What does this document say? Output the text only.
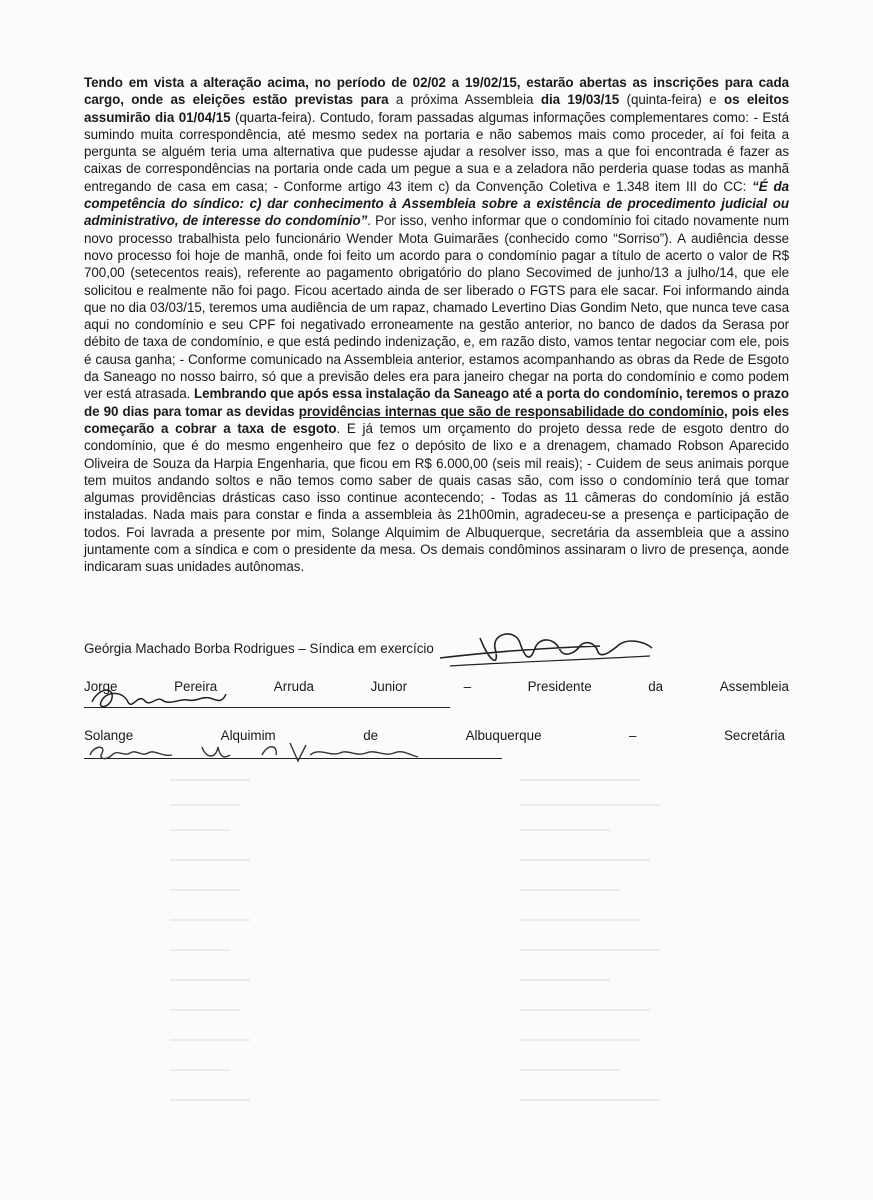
Tendo em vista a alteração acima, no período de 02/02 a 19/02/15, estarão abertas as inscrições para cada cargo, onde as eleições estão previstas para a próxima Assembleia dia 19/03/15 (quinta-feira) e os eleitos assumirão dia 01/04/15 (quarta-feira). Contudo, foram passadas algumas informações complementares como: - Está sumindo muita correspondência, até mesmo sedex na portaria e não sabemos mais como proceder, aí foi feita a pergunta se alguém teria uma alternativa que pudesse ajudar a resolver isso, mas a que foi encontrada é fazer as caixas de correspondências na portaria onde cada um pegue a sua e a zeladora não perderia quase todas as manhã entregando de casa em casa; - Conforme artigo 43 item c) da Convenção Coletiva e 1.348 item III do CC: “É da competência do síndico: c) dar conhecimento à Assembleia sobre a existência de procedimento judicial ou administrativo, de interesse do condomínio”. Por isso, venho informar que o condomínio foi citado novamente num novo processo trabalhista pelo funcionário Wender Mota Guimarães (conhecido como “Sorriso”). A audiência desse novo processo foi hoje de manhã, onde foi feito um acordo para o condomínio pagar a título de acerto o valor de R$ 700,00 (setecentos reais), referente ao pagamento obrigatório do plano Secovimed de junho/13 a julho/14, que ele solicitou e realmente não foi pago. Ficou acertado ainda de ser liberado o FGTS para ele sacar. Foi informando ainda que no dia 03/03/15, teremos uma audiência de um rapaz, chamado Levertino Dias Gondim Neto, que nunca teve casa aqui no condomínio e seu CPF foi negativado erroneamente na gestão anterior, no banco de dados da Serasa por débito de taxa de condomínio, e que está pedindo indenização, e, em razão disto, vamos tentar negociar com ele, pois é causa ganha; - Conforme comunicado na Assembleia anterior, estamos acompanhando as obras da Rede de Esgoto da Saneago no nosso bairro, só que a previsão deles era para janeiro chegar na porta do condomínio e como podem ver está atrasada. Lembrando que após essa instalação da Saneago até a porta do condomínio, teremos o prazo de 90 dias para tomar as devidas providências internas que são de responsabilidade do condomínio, pois eles começarão a cobrar a taxa de esgoto. E já temos um orçamento do projeto dessa rede de esgoto dentro do condomínio, que é do mesmo engenheiro que fez o depósito de lixo e a drenagem, chamado Robson Aparecido Oliveira de Souza da Harpia Engenharia, que ficou em R$ 6.000,00 (seis mil reais); - Cuidem de seus animais porque tem muitos andando soltos e não temos como saber de quais casas são, com isso o condomínio terá que tomar algumas providências drásticas caso isso continue acontecendo; - Todas as 11 câmeras do condomínio já estão instaladas. Nada mais para constar e finda a assembleia às 21h00min, agradeceu-se a presença e participação de todos. Foi lavrada a presente por mim, Solange Alquimim de Albuquerque, secretária da assembleia que a assino juntamente com a síndica e com o presidente da mesa. Os demais condôminos assinaram o livro de presença, aonde indicaram suas unidades autônomas.
Geórgia Machado Borba Rodrigues – Síndica em exercício
Jorge	Pereira	Arruda	Junior	–	Presidente	da	Assembleia
Solange	Alquimim	de	Albuquerque	–	Secretária
